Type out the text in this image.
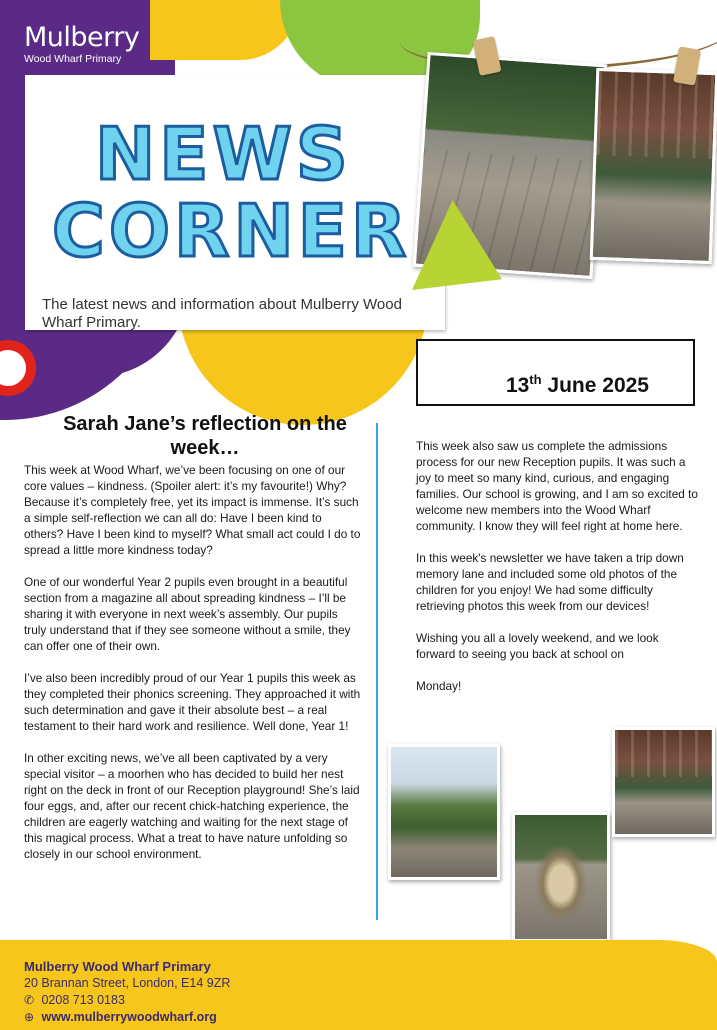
Mulberry
Wood Wharf Primary
NEWS
CORNER
The latest news and information about Mulberry Wood Wharf Primary.
13th June 2025
Sarah Jane’s reflection on the week…

This week at Wood Wharf, we’ve been focusing on one of our core values – kindness. (Spoiler alert: it’s my favourite!) Why? Because it’s completely free, yet its impact is immense. It’s such a simple self-reflection we can all do: Have I been kind to others? Have I been kind to myself? What small act could I do to spread a little more kindness today?

One of our wonderful Year 2 pupils even brought in a beautiful section from a magazine all about spreading kindness – I’ll be sharing it with everyone in next week’s assembly. Our pupils truly understand that if they see someone without a smile, they can offer one of their own.

I’ve also been incredibly proud of our Year 1 pupils this week as they completed their phonics screening. They approached it with such determination and gave it their absolute best – a real testament to their hard work and resilience. Well done, Year 1!

In other exciting news, we’ve all been captivated by a very special visitor – a moorhen who has decided to build her nest right on the deck in front of our Reception playground! She’s laid four eggs, and, after our recent chick-hatching experience, the children are eagerly watching and waiting for the next stage of this magical process. What a treat to have nature unfolding so closely in our school environment.

This week also saw us complete the admissions process for our new Reception pupils. It was such a joy to meet so many kind, curious, and engaging families. Our school is growing, and I am so excited to welcome new members into the Wood Wharf community. I know they will feel right at home here.

In this week's newsletter we have taken a trip down memory lane and included some old photos of the children for you enjoy! We had some difficulty retrieving photos this week from our devices!

Wishing you all a lovely weekend, and we look forward to seeing you back at school on

Monday!

Mulberry Wood Wharf Primary
20 Brannan Street, London, E14 9ZR
✆ 0208 713 0183
⊕ www.mulberrywoodwharf.org
